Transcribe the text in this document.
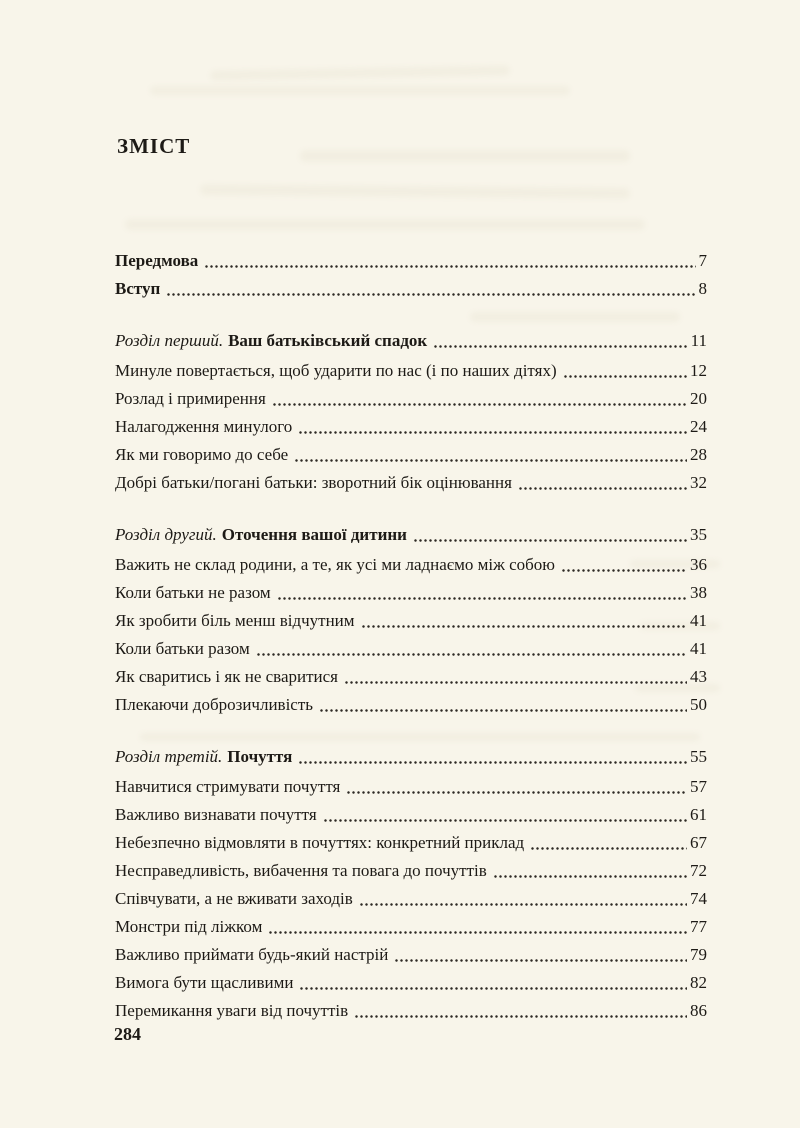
ЗМІСТ
Передмова	7
Вступ	8
Розділ перший. Ваш батьківський спадок	11
Минуле повертається, щоб ударити по нас (і по наших дітях)	12
Розлад і примирення	20
Налагодження минулого	24
Як ми говоримо до себе	28
Добрі батьки/погані батьки: зворотний бік оцінювання	32
Розділ другий. Оточення вашої дитини	35
Важить не склад родини, а те, як усі ми ладнаємо між собою	36
Коли батьки не разом	38
Як зробити біль менш відчутним	41
Коли батьки разом	41
Як сваритись і як не сваритися	43
Плекаючи доброзичливість	50
Розділ третій. Почуття	55
Навчитися стримувати почуття	57
Важливо визнавати почуття	61
Небезпечно відмовляти в почуттях: конкретний приклад	67
Несправедливість, вибачення та повага до почуттів	72
Співчувати, а не вживати заходів	74
Монстри під ліжком	77
Важливо приймати будь-який настрій	79
Вимога бути щасливими	82
Перемикання уваги від почуттів	86
284
